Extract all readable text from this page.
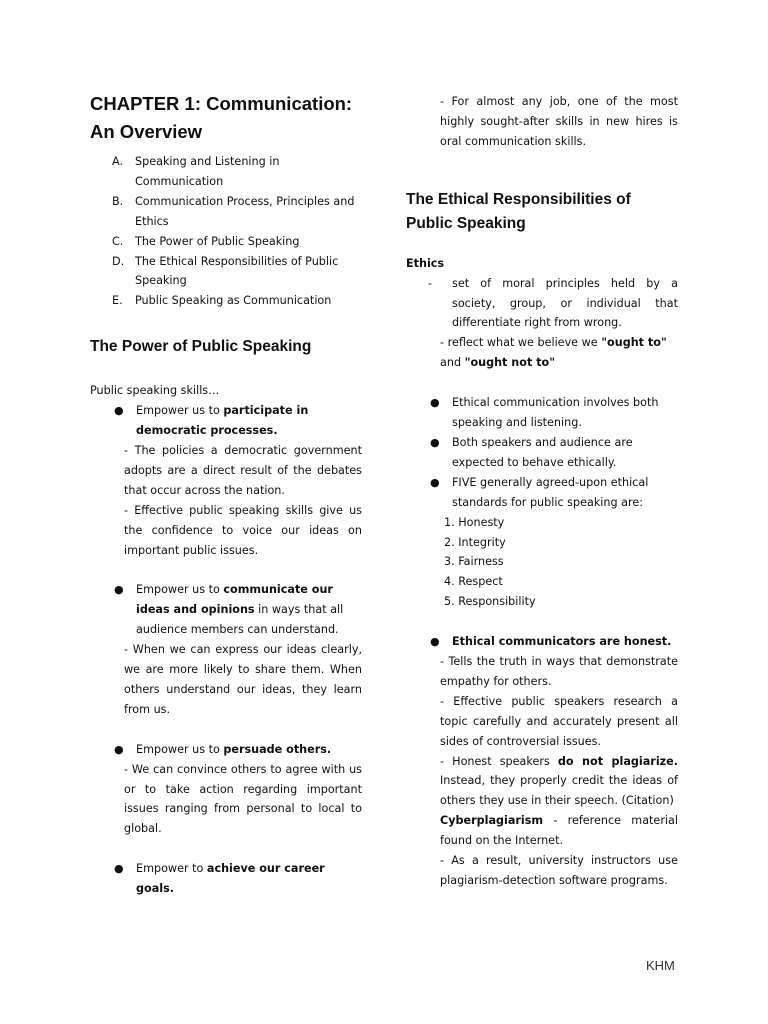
CHAPTER 1: Communication: An Overview
A. Speaking and Listening in Communication
B. Communication Process, Principles and Ethics
C. The Power of Public Speaking
D. The Ethical Responsibilities of Public Speaking
E. Public Speaking as Communication
The Power of Public Speaking

Public speaking skills…

● Empower us to participate in democratic processes.

- The policies a democratic government adopts are a direct result of the debates that occur across the nation.

- Effective public speaking skills give us the confidence to voice our ideas on important public issues.

● Empower us to communicate our ideas and opinions in ways that all audience members can understand.

- When we can express our ideas clearly, we are more likely to share them. When others understand our ideas, they learn from us.

● Empower us to persuade others.

- We can convince others to agree with us or to take action regarding important issues ranging from personal to local to global.

● Empower to achieve our career goals.

- For almost any job, one of the most highly sought-after skills in new hires is oral communication skills.

The Ethical Responsibilities of Public Speaking

Ethics

- set of moral principles held by a society, group, or individual that differentiate right from wrong.

- reflect what we believe we "ought to" and "ought not to"

● Ethical communication involves both speaking and listening.
● Both speakers and audience are expected to behave ethically.
● FIVE generally agreed-upon ethical standards for public speaking are:
1. Honesty
2. Integrity
3. Fairness
4. Respect
5. Responsibility
● Ethical communicators are honest.

- Tells the truth in ways that demonstrate empathy for others.

- Effective public speakers research a topic carefully and accurately present all sides of controversial issues.

- Honest speakers do not plagiarize. Instead, they properly credit the ideas of others they use in their speech. (Citation)

Cyberplagiarism - reference material found on the Internet.

- As a result, university instructors use plagiarism-detection software programs.

KHM
